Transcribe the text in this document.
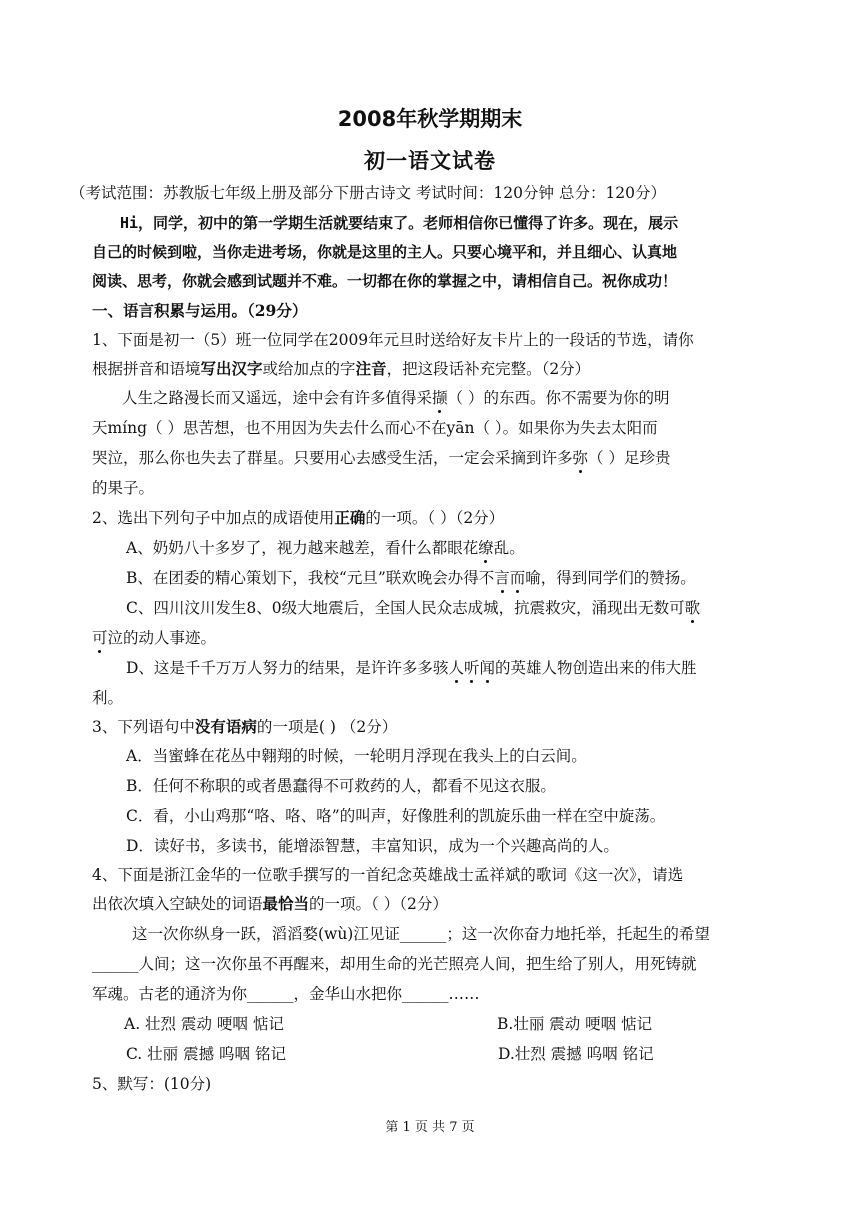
2008年秋学期期末
初一语文试卷
（考试范围：苏教版七年级上册及部分下册古诗文 考试时间：120分钟 总分：120分）
Hi，同学，初中的第一学期生活就要结束了。老师相信你已懂得了许多。现在，展示
自己的时候到啦，当你走进考场，你就是这里的主人。只要心境平和，并且细心、认真地
阅读、思考，你就会感到试题并不难。一切都在你的掌握之中，请相信自己。祝你成功！
一、语言积累与运用。（29分）
1、下面是初一（5）班一位同学在2009年元旦时送给好友卡片上的一段话的节选，请你
根据拼音和语境写出汉字或给加点的字注音，把这段话补充完整。（2分）
人生之路漫长而又遥远，途中会有许多值得采撷（ ）的东西。你不需要为你的明
天míng（ ）思苦想，也不用因为失去什么而心不在yān（ ）。如果你为失去太阳而
哭泣，那么你也失去了群星。只要用心去感受生活，一定会采摘到许多弥（ ）足珍贵
的果子。
2、选出下列句子中加点的成语使用正确的一项。（ ）（2分）
A、奶奶八十多岁了，视力越来越差，看什么都眼花缭乱。
B、在团委的精心策划下，我校“元旦”联欢晚会办得不言而喻，得到同学们的赞扬。
C、四川汶川发生8、0级大地震后，全国人民众志成城，抗震救灾，涌现出无数可歌
可泣的动人事迹。
D、这是千千万万人努力的结果，是许许多多骇人听闻的英雄人物创造出来的伟大胜
利。
3、下列语句中没有语病的一项是( ) （2分）
A．当蜜蜂在花丛中翱翔的时候，一轮明月浮现在我头上的白云间。
B．任何不称职的或者愚蠢得不可救药的人，都看不见这衣服。
C．看，小山鸡那“咯、咯、咯”的叫声，好像胜利的凯旋乐曲一样在空中旋荡。
D．读好书，多读书，能增添智慧，丰富知识，成为一个兴趣高尚的人。
4、下面是浙江金华的一位歌手撰写的一首纪念英雄战士孟祥斌的歌词《这一次》，请选
出依次填入空缺处的词语最恰当的一项。（ ）（2分）
这一次你纵身一跃，滔滔婺(wù)江见证______；这一次你奋力地托举，托起生的希望
______人间；这一次你虽不再醒来，却用生命的光芒照亮人间，把生给了别人，用死铸就
军魂。古老的通济为你______，金华山水把你______……
A. 壮烈 震动 哽咽 惦记	B.壮丽 震动 哽咽 惦记
C. 壮丽 震撼 呜咽 铭记	D.壮烈 震撼 呜咽 铭记
5、默写：(10分)
第 1 页 共 7 页
